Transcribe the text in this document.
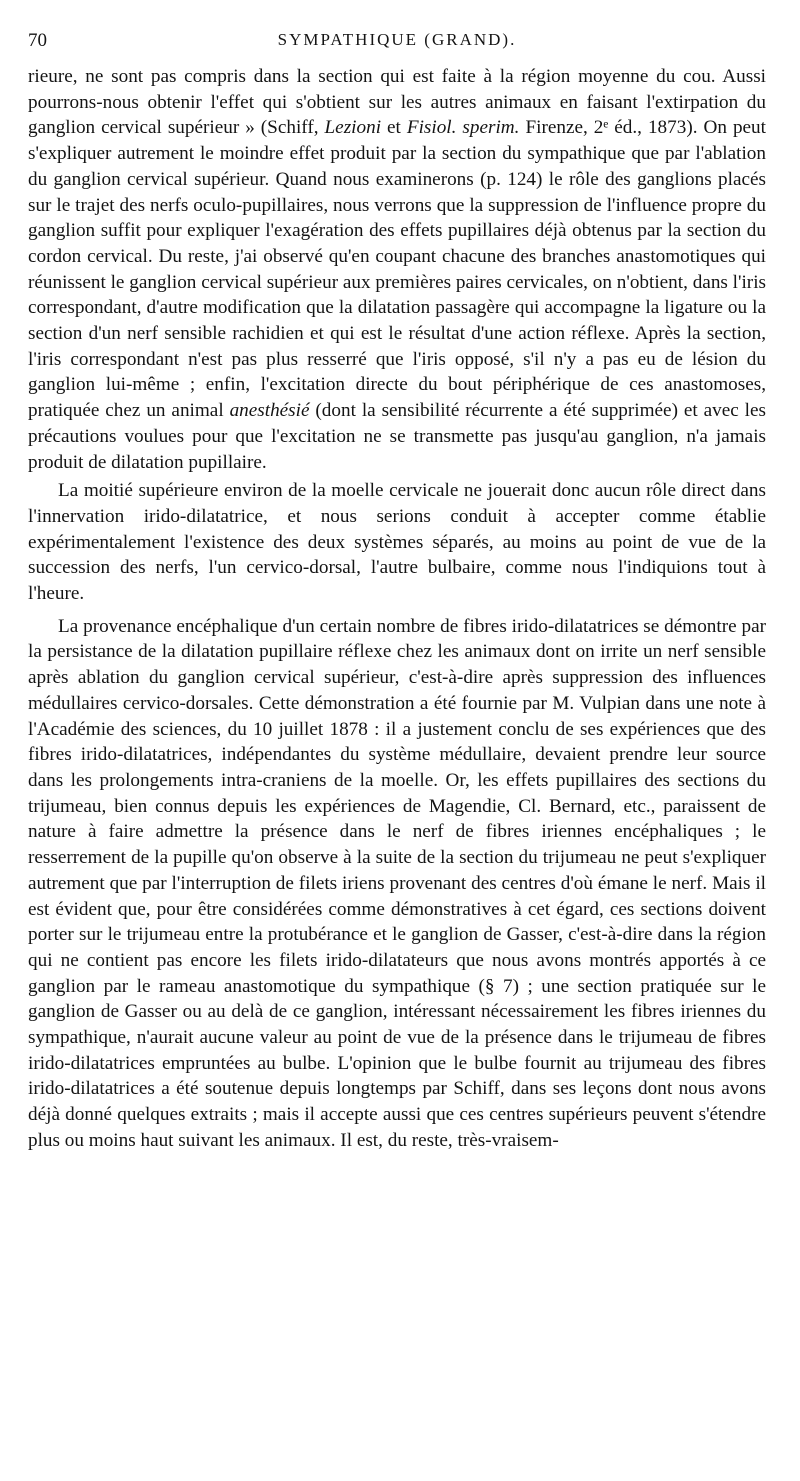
70	SYMPATHIQUE (GRAND).

rieure, ne sont pas compris dans la section qui est faite à la région moyenne du cou. Aussi pourrons-nous obtenir l'effet qui s'obtient sur les autres animaux en faisant l'extirpation du ganglion cervical supérieur » (Schiff, Lezioni et Fisiol. sperim. Firenze, 2ᵉ éd., 1873). On peut s'expliquer autrement le moindre effet produit par la section du sympathique que par l'ablation du ganglion cervical supérieur. Quand nous examinerons (p. 124) le rôle des ganglions placés sur le trajet des nerfs oculo-pupillaires, nous verrons que la suppression de l'influence propre du ganglion suffit pour expliquer l'exagération des effets pupillaires déjà obtenus par la section du cordon cervical. Du reste, j'ai observé qu'en coupant chacune des branches anastomotiques qui réunissent le ganglion cervical supérieur aux premières paires cervicales, on n'obtient, dans l'iris correspondant, d'autre modification que la dilatation passagère qui accompagne la ligature ou la section d'un nerf sensible rachidien et qui est le résultat d'une action réflexe. Après la section, l'iris correspondant n'est pas plus resserré que l'iris opposé, s'il n'y a pas eu de lésion du ganglion lui-même ; enfin, l'excitation directe du bout périphérique de ces anastomoses, pratiquée chez un animal anesthésié (dont la sensibilité récurrente a été supprimée) et avec les précautions voulues pour que l'excitation ne se transmette pas jusqu'au ganglion, n'a jamais produit de dilatation pupillaire.

La moitié supérieure environ de la moelle cervicale ne jouerait donc aucun rôle direct dans l'innervation irido-dilatatrice, et nous serions conduit à accepter comme établie expérimentalement l'existence des deux systèmes séparés, au moins au point de vue de la succession des nerfs, l'un cervico-dorsal, l'autre bulbaire, comme nous l'indiquions tout à l'heure.

La provenance encéphalique d'un certain nombre de fibres irido-dilatatrices se démontre par la persistance de la dilatation pupillaire réflexe chez les animaux dont on irrite un nerf sensible après ablation du ganglion cervical supérieur, c'est-à-dire après suppression des influences médullaires cervico-dorsales. Cette démonstration a été fournie par M. Vulpian dans une note à l'Académie des sciences, du 10 juillet 1878 : il a justement conclu de ses expériences que des fibres irido-dilatatrices, indépendantes du système médullaire, devaient prendre leur source dans les prolongements intra-craniens de la moelle. Or, les effets pupillaires des sections du trijumeau, bien connus depuis les expériences de Magendie, Cl. Bernard, etc., paraissent de nature à faire admettre la présence dans le nerf de fibres iriennes encéphaliques ; le resserrement de la pupille qu'on observe à la suite de la section du trijumeau ne peut s'expliquer autrement que par l'interruption de filets iriens provenant des centres d'où émane le nerf. Mais il est évident que, pour être considérées comme démonstratives à cet égard, ces sections doivent porter sur le trijumeau entre la protubérance et le ganglion de Gasser, c'est-à-dire dans la région qui ne contient pas encore les filets irido-dilatateurs que nous avons montrés apportés à ce ganglion par le rameau anastomotique du sympathique (§ 7) ; une section pratiquée sur le ganglion de Gasser ou au delà de ce ganglion, intéressant nécessairement les fibres iriennes du sympathique, n'aurait aucune valeur au point de vue de la présence dans le trijumeau de fibres irido-dilatatrices empruntées au bulbe. L'opinion que le bulbe fournit au trijumeau des fibres irido-dilatatrices a été soutenue depuis longtemps par Schiff, dans ses leçons dont nous avons déjà donné quelques extraits ; mais il accepte aussi que ces centres supérieurs peuvent s'étendre plus ou moins haut suivant les animaux. Il est, du reste, très-vraisem-
